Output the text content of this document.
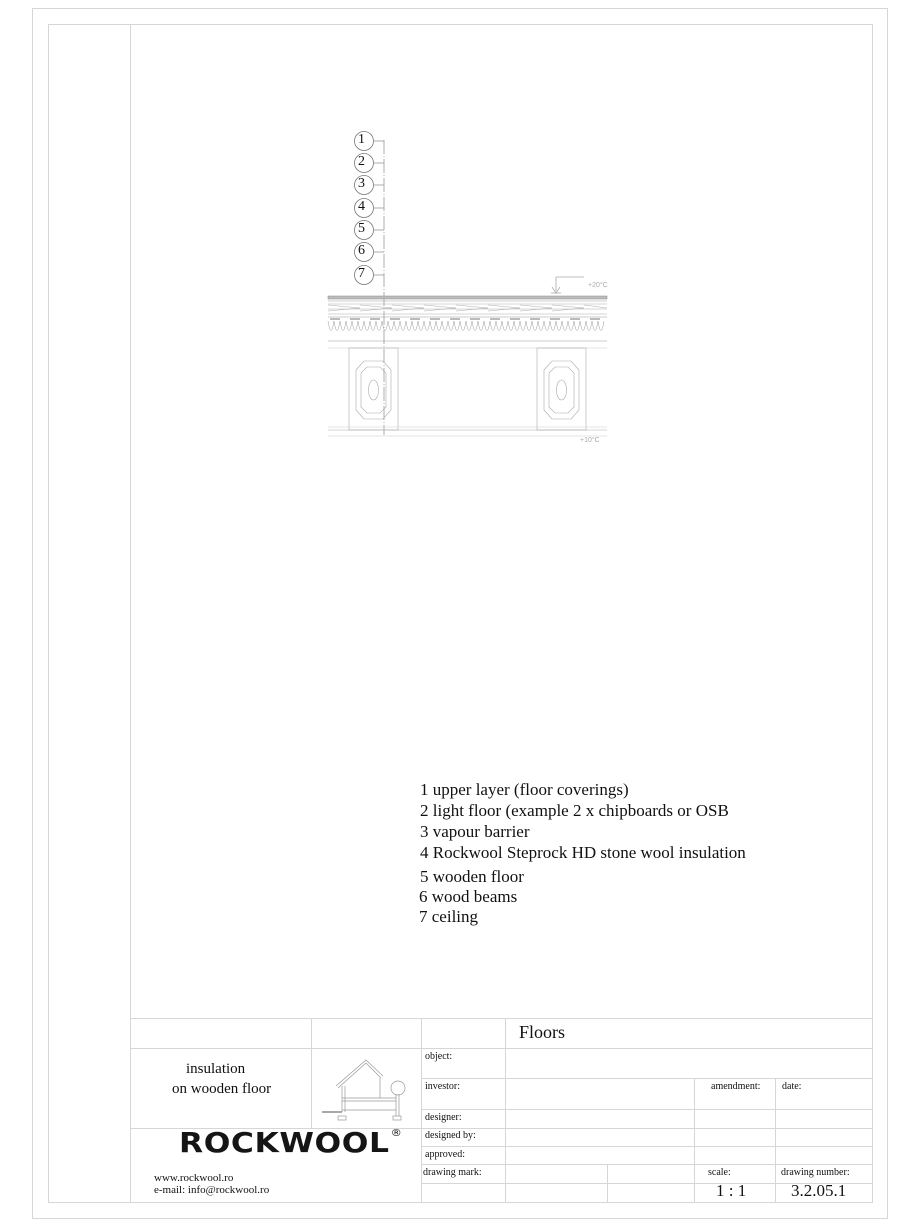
1
2
3
4
5
6
7
+20°C
+10°C
1 upper layer (floor coverings)
2 light floor (example 2 x chipboards or OSB
3 vapour barrier
4 Rockwool Steprock HD stone wool insulation
5 wooden floor
6 wood beams
7 ceiling
Floors
insulation
on wooden floor
ROCKWOOL®
www.rockwool.ro
e-mail: info@rockwool.ro
object:
investor:	amendment: date:
designer:
designed by:
approved:
drawing mark:	scale:	drawing number:
1 : 1	3.2.05.1
